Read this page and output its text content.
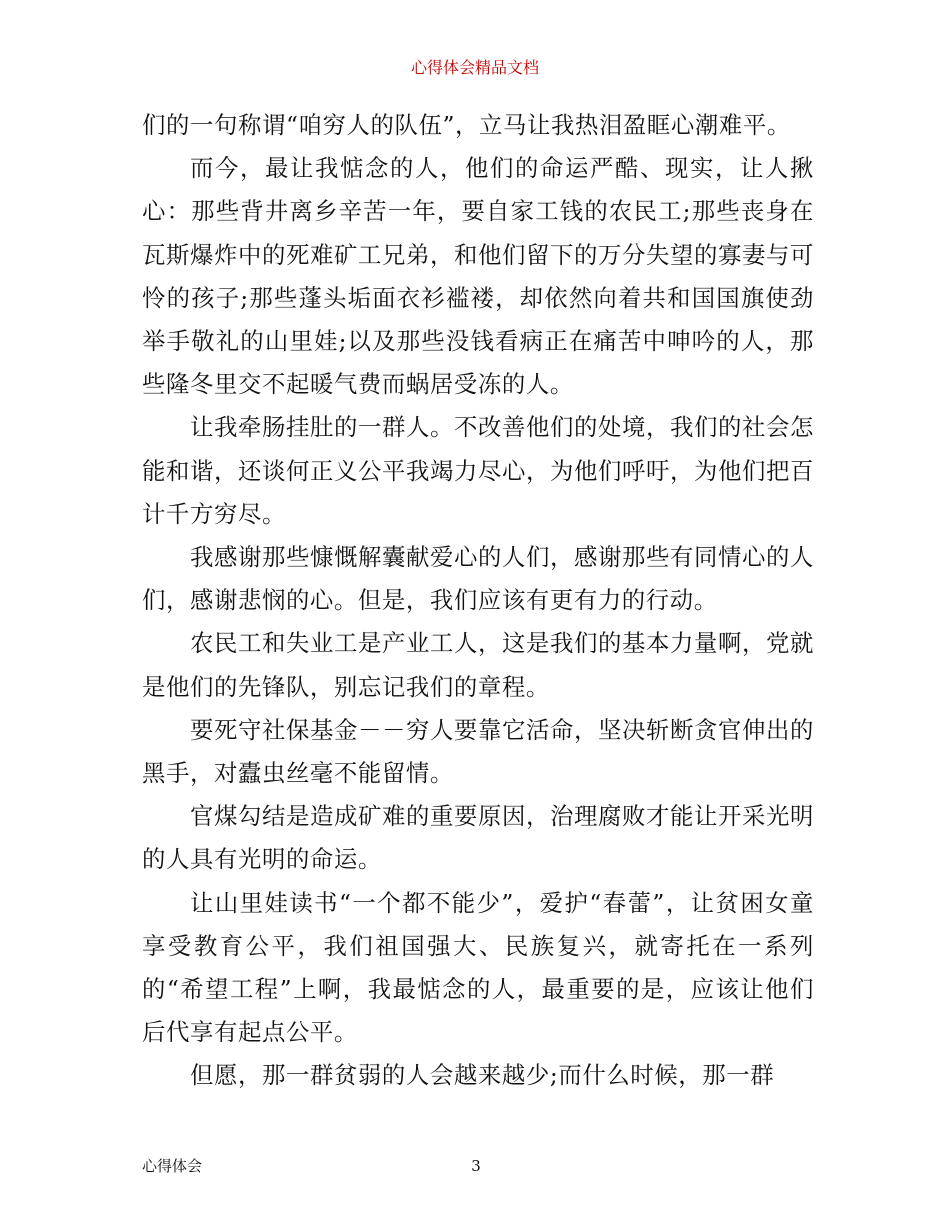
心得体会精品文档

们的一句称谓“咱穷人的队伍”，立马让我热泪盈眶心潮难平。

而今，最让我惦念的人，他们的命运严酷、现实，让人揪心：那些背井离乡辛苦一年，要自家工钱的农民工;那些丧身在瓦斯爆炸中的死难矿工兄弟，和他们留下的万分失望的寡妻与可怜的孩子;那些蓬头垢面衣衫褴褛，却依然向着共和国国旗使劲举手敬礼的山里娃;以及那些没钱看病正在痛苦中呻吟的人，那些隆冬里交不起暖气费而蜗居受冻的人。

让我牵肠挂肚的一群人。不改善他们的处境，我们的社会怎能和谐，还谈何正义公平我竭力尽心，为他们呼吁，为他们把百计千方穷尽。

我感谢那些慷慨解囊献爱心的人们，感谢那些有同情心的人们，感谢悲悯的心。但是，我们应该有更有力的行动。

农民工和失业工是产业工人，这是我们的基本力量啊，党就是他们的先锋队，别忘记我们的章程。

要死守社保基金－－穷人要靠它活命，坚决斩断贪官伸出的黑手，对蠹虫丝毫不能留情。

官煤勾结是造成矿难的重要原因，治理腐败才能让开采光明的人具有光明的命运。

让山里娃读书“一个都不能少”，爱护“春蕾”，让贫困女童享受教育公平，我们祖国强大、民族复兴，就寄托在一系列的“希望工程”上啊，我最惦念的人，最重要的是，应该让他们后代享有起点公平。

但愿，那一群贫弱的人会越来越少;而什么时候，那一群

心得体会	3
